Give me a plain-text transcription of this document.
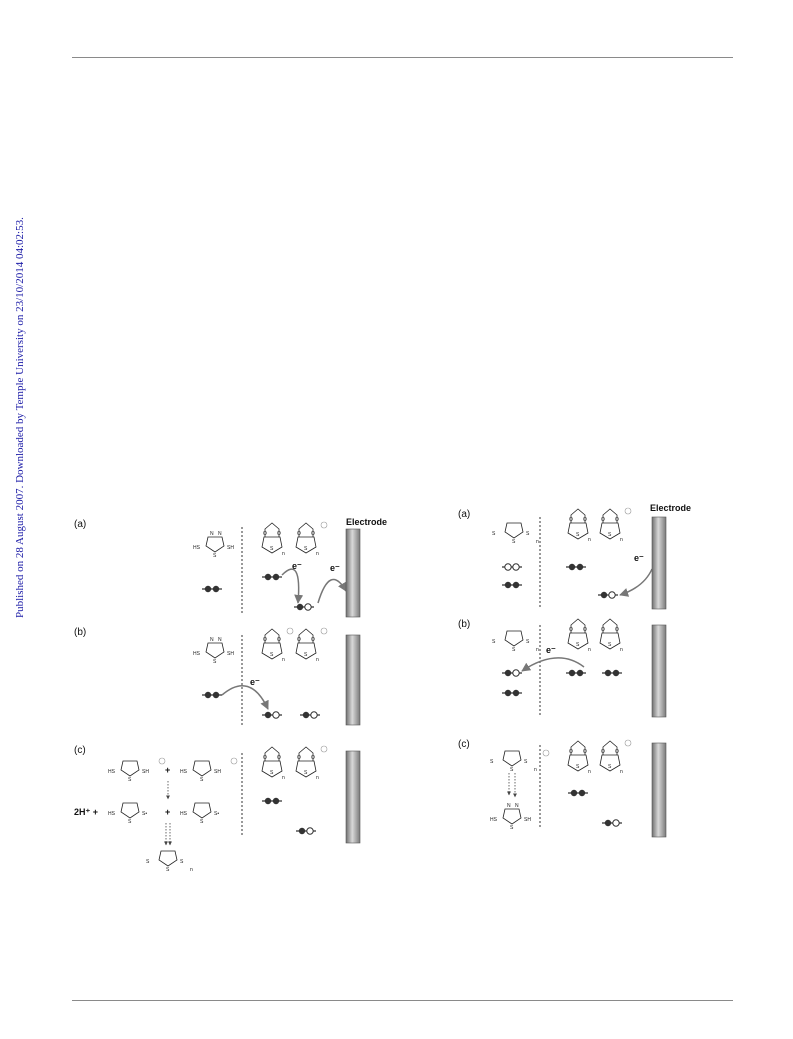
Published on 28 August 2007. Downloaded by Temple University on 23/10/2014 04:02:53.	(a)
N N
S
HS	SH
O O
S
n
O O
S
n
e⁻	e⁻
Electrode
(b)
N N
S
HS	SH
O O
S
n
O O
S
n
e⁻
(c)
HS	SH
S
+ HS	SH
S
2H⁺ + HS	S•
S
+ HS	S•
S
S	S
S	n
O O
S
n
O O
S
n
(a)
S	S
S	n
O O
S
n
O O
S
n
e⁻
Electrode
(b)
S	S
S	n
O O
S
n
O O
S
n
e⁻
(c)
S	S
S	n
N N
S
HS	SH
O O
S
n
O O
S
n
